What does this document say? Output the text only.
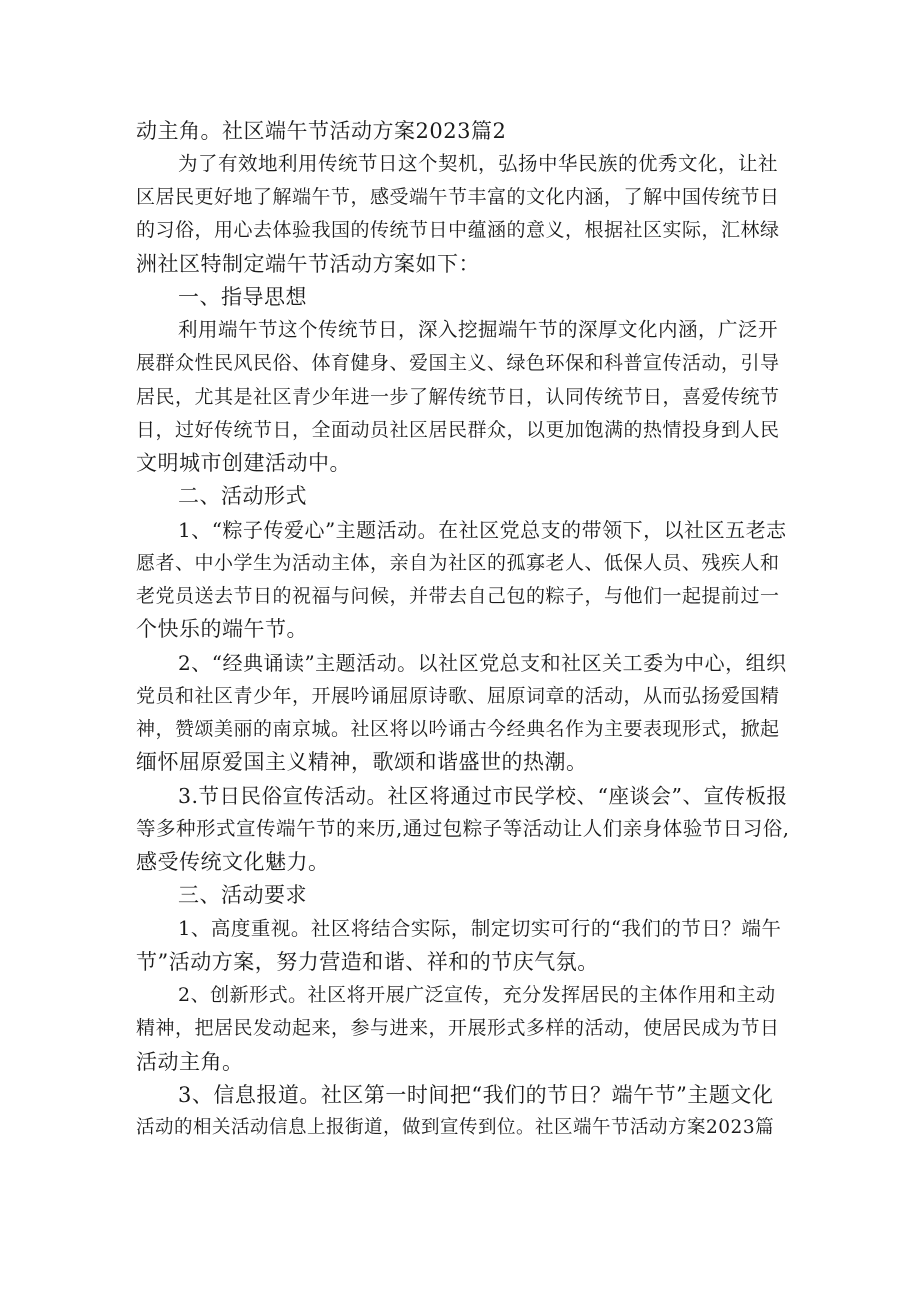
动主角。社区端午节活动方案2023篇2
为了有效地利用传统节日这个契机，弘扬中华民族的优秀文化，让社
区居民更好地了解端午节，感受端午节丰富的文化内涵，了解中国传统节日
的习俗，用心去体验我国的传统节日中蕴涵的意义，根据社区实际，汇林绿
洲社区特制定端午节活动方案如下：
一、指导思想
利用端午节这个传统节日，深入挖掘端午节的深厚文化内涵，广泛开
展群众性民风民俗、体育健身、爱国主义、绿色环保和科普宣传活动，引导
居民，尤其是社区青少年进一步了解传统节日，认同传统节日，喜爱传统节
日，过好传统节日，全面动员社区居民群众，以更加饱满的热情投身到人民
文明城市创建活动中。
二、活动形式
1、“粽子传爱心”主题活动。在社区党总支的带领下，以社区五老志
愿者、中小学生为活动主体，亲自为社区的孤寡老人、低保人员、残疾人和
老党员送去节日的祝福与问候，并带去自己包的粽子，与他们一起提前过一
个快乐的端午节。
2、“经典诵读”主题活动。以社区党总支和社区关工委为中心，组织
党员和社区青少年，开展吟诵屈原诗歌、屈原词章的活动，从而弘扬爱国精
神，赞颂美丽的南京城。社区将以吟诵古今经典名作为主要表现形式，掀起
缅怀屈原爱国主义精神，歌颂和谐盛世的热潮。
3.节日民俗宣传活动。社区将通过市民学校、“座谈会”、宣传板报
等多种形式宣传端午节的来历,通过包粽子等活动让人们亲身体验节日习俗,
感受传统文化魅力。
三、活动要求
1、高度重视。社区将结合实际，制定切实可行的“我们的节日？端午
节”活动方案，努力营造和谐、祥和的节庆气氛。
2、创新形式。社区将开展广泛宣传，充分发挥居民的主体作用和主动
精神，把居民发动起来，参与进来，开展形式多样的活动，使居民成为节日
活动主角。
3、信息报道。社区第一时间把“我们的节日？端午节”主题文化
活动的相关活动信息上报街道，做到宣传到位。社区端午节活动方案2023篇
